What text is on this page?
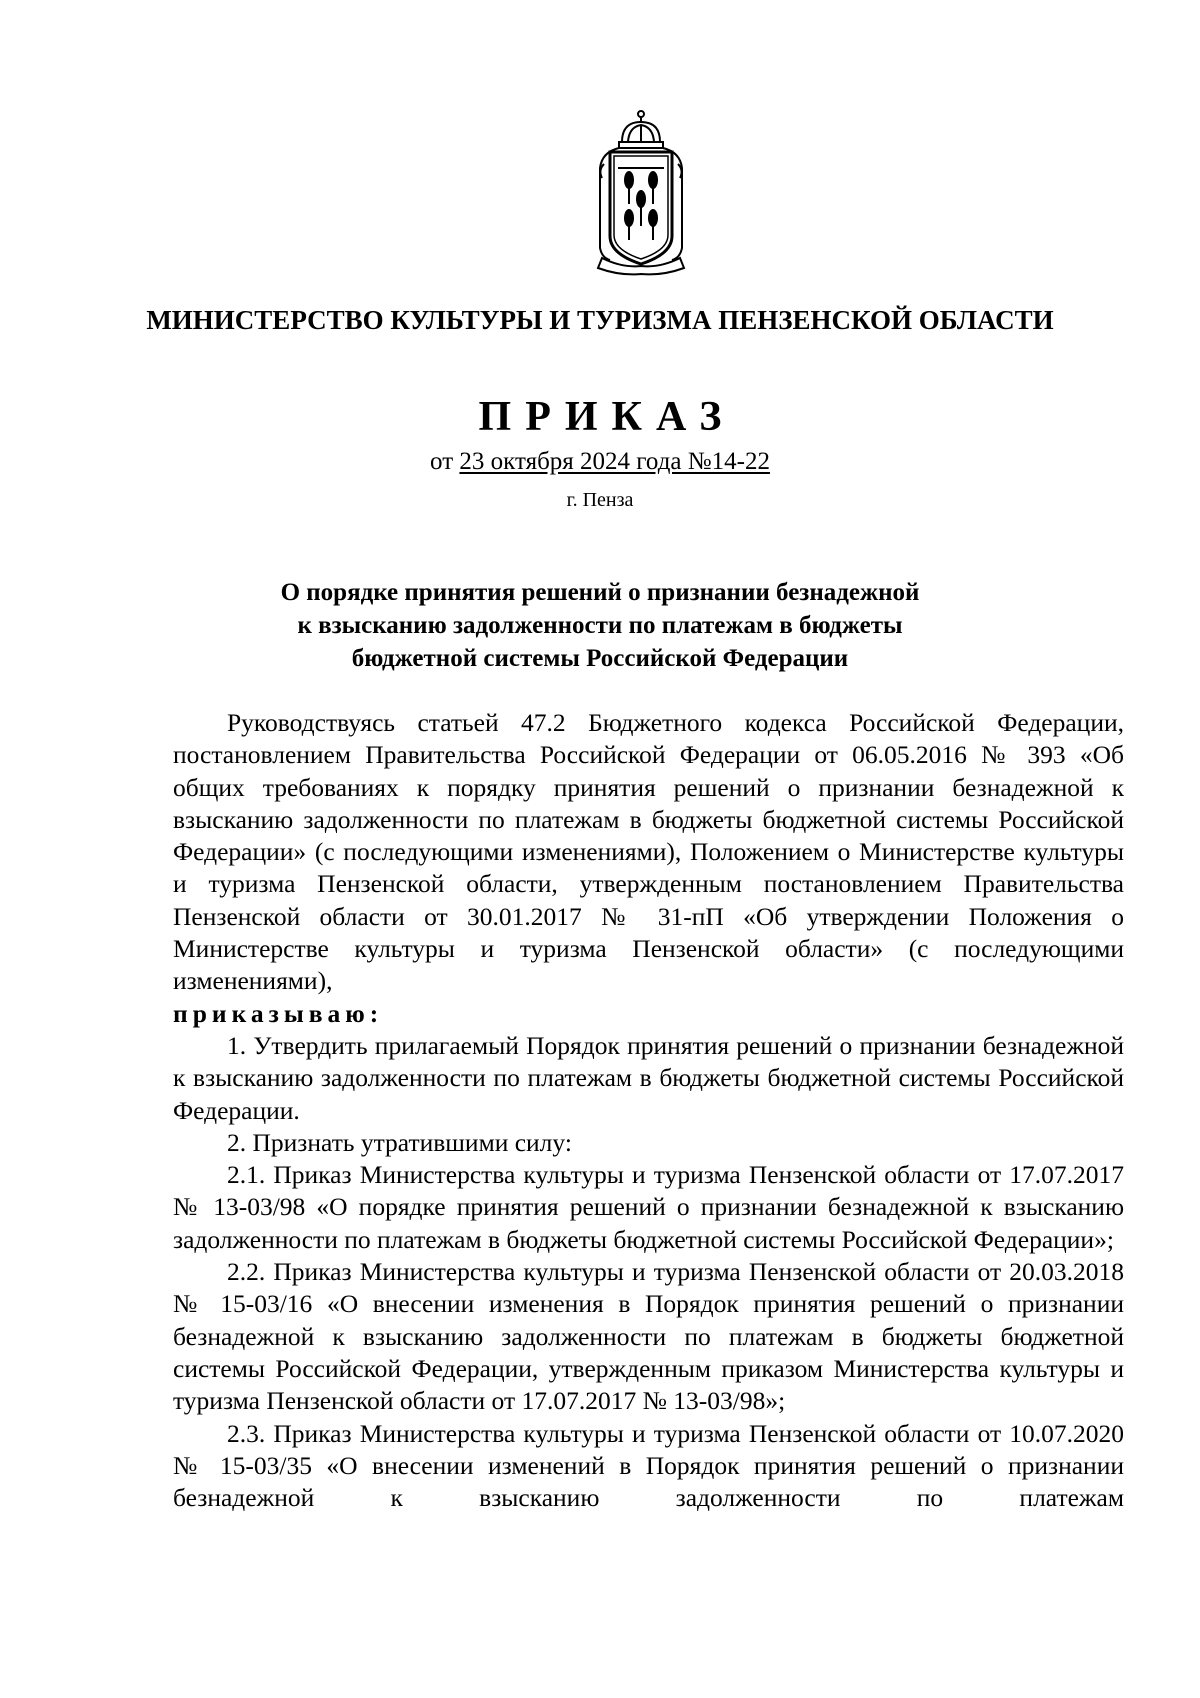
МИНИСТЕРСТВО КУЛЬТУРЫ И ТУРИЗМА ПЕНЗЕНСКОЙ ОБЛАСТИ
ПРИКАЗ
от 23 октября 2024 года №14-22
г. Пенза
О порядке принятия решений о признании безнадежной
к взысканию задолженности по платежам в бюджеты
бюджетной системы Российской Федерации

Руководствуясь статьей 47.2 Бюджетного кодекса Российской Федерации, постановлением Правительства Российской Федерации от 06.05.2016 № 393 «Об общих требованиях к порядку принятия решений о признании безнадежной к взысканию задолженности по платежам в бюджеты бюджетной системы Российской Федерации» (с последующими изменениями), Положением о Министерстве культуры и туризма Пензенской области, утвержденным постановлением Правительства Пензенской области от 30.01.2017 № 31-пП «Об утверждении Положения о Министерстве культуры и туризма Пензенской области» (с последующими изменениями),

приказываю:

1. Утвердить прилагаемый Порядок принятия решений о признании безнадежной к взысканию задолженности по платежам в бюджеты бюджетной системы Российской Федерации.

2. Признать утратившими силу:

2.1. Приказ Министерства культуры и туризма Пензенской области от 17.07.2017 № 13-03/98 «О порядке принятия решений о признании безнадежной к взысканию задолженности по платежам в бюджеты бюджетной системы Российской Федерации»;

2.2. Приказ Министерства культуры и туризма Пензенской области от 20.03.2018 № 15-03/16 «О внесении изменения в Порядок принятия решений о признании безнадежной к взысканию задолженности по платежам в бюджеты бюджетной системы Российской Федерации, утвержденным приказом Министерства культуры и туризма Пензенской области от 17.07.2017 № 13-03/98»;

2.3. Приказ Министерства культуры и туризма Пензенской области от 10.07.2020 № 15-03/35 «О внесении изменений в Порядок принятия решений о признании безнадежной к взысканию задолженности по платежам
